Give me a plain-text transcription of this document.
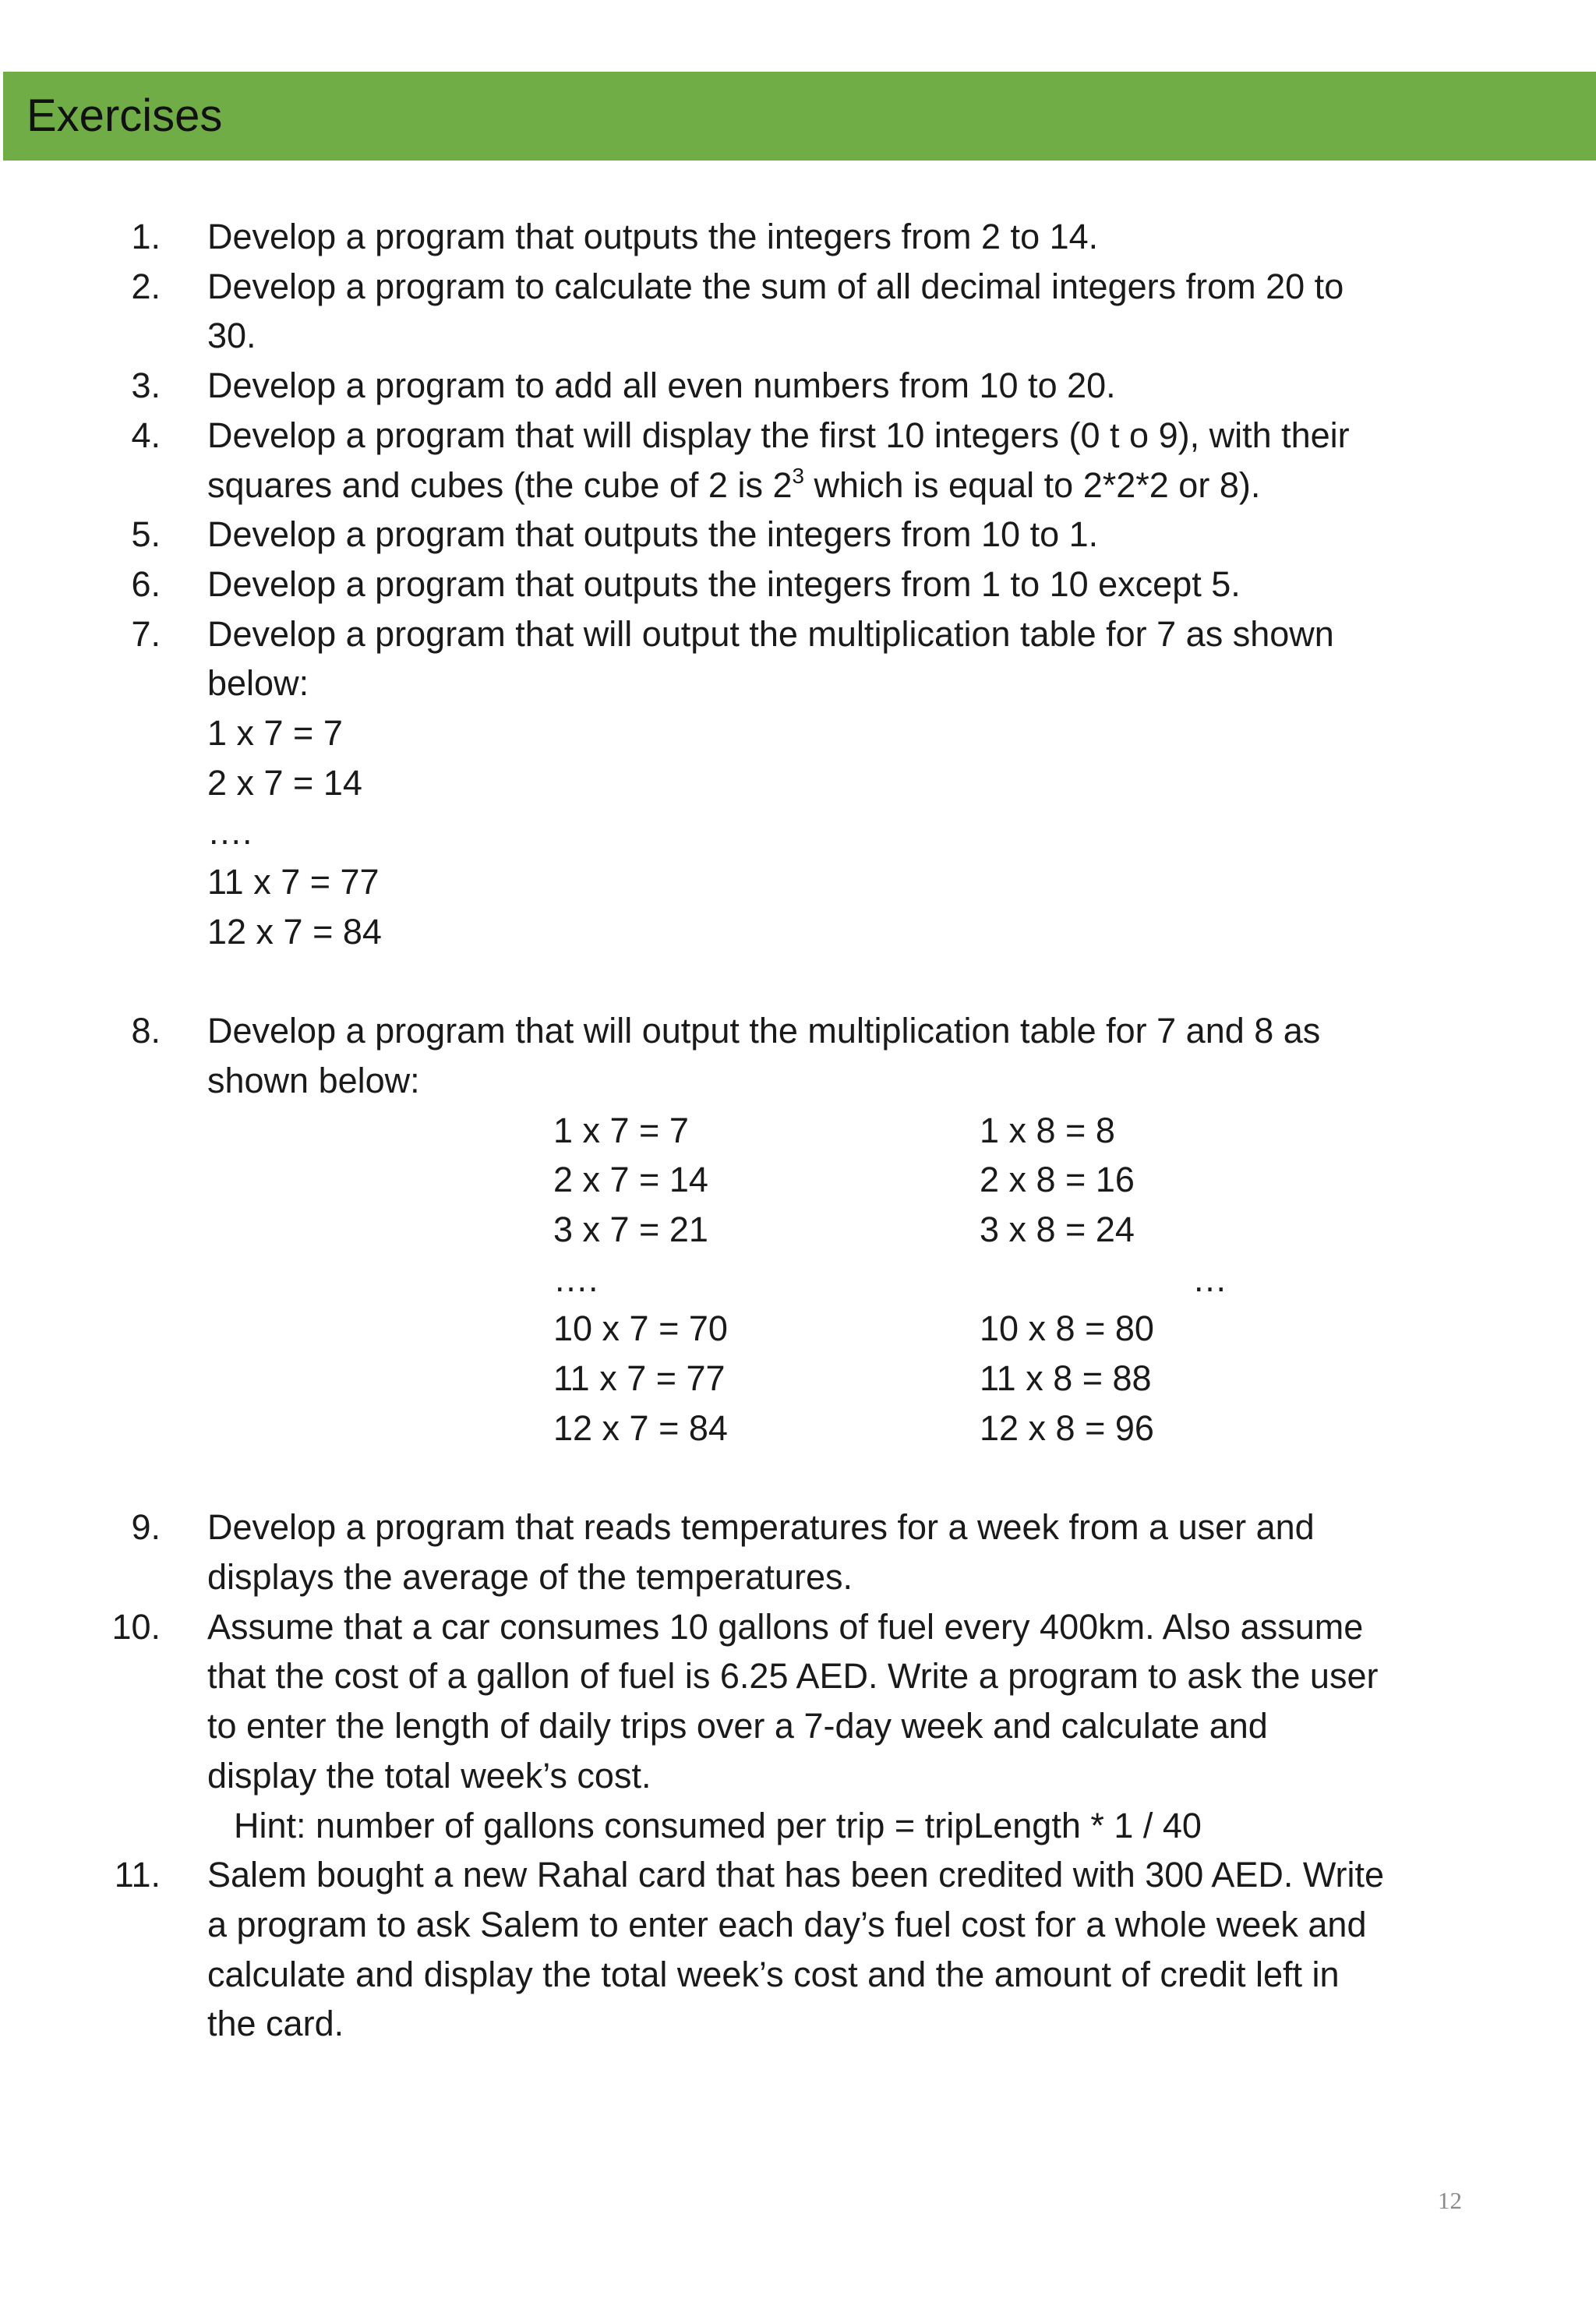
Exercises
1. Develop a program that outputs the integers from 2 to 14.
2. Develop a program to calculate the sum of all decimal integers from 20 to
30.
3. Develop a program to add all even numbers from 10 to 20.
4. Develop a program that will display the first 10 integers (0 t o 9), with their
squares and cubes (the cube of 2 is $2^3$ which is equal to 2*2*2 or 8).
5. Develop a program that outputs the integers from 10 to 1.
6. Develop a program that outputs the integers from 1 to 10 except 5.
7. Develop a program that will output the multiplication table for 7 as shown
below:
1 x 7 = 7
2 x 7 = 14
….
11 x 7 = 77
12 x 7 = 84
8. Develop a program that will output the multiplication table for 7 and 8 as
shown below:
1 x 7 = 7
2 x 7 = 14
3 x 7 = 21
….
10 x 7 = 70
11 x 7 = 77
12 x 7 = 84
1 x 8 = 8
2 x 8 = 16
3 x 8 = 24
10 x 8 = 80
11 x 8 = 88
12 x 8 = 96
…
9. Develop a program that reads temperatures for a week from a user and
displays the average of the temperatures.
10. Assume that a car consumes 10 gallons of fuel every 400km. Also assume
that the cost of a gallon of fuel is 6.25 AED. Write a program to ask the user
to enter the length of daily trips over a 7-day week and calculate and
display the total week’s cost.
Hint: number of gallons consumed per trip = tripLength * 1 / 40
11. Salem bought a new Rahal card that has been credited with 300 AED. Write
a program to ask Salem to enter each day’s fuel cost for a whole week and
calculate and display the total week’s cost and the amount of credit left in
the card.
12
